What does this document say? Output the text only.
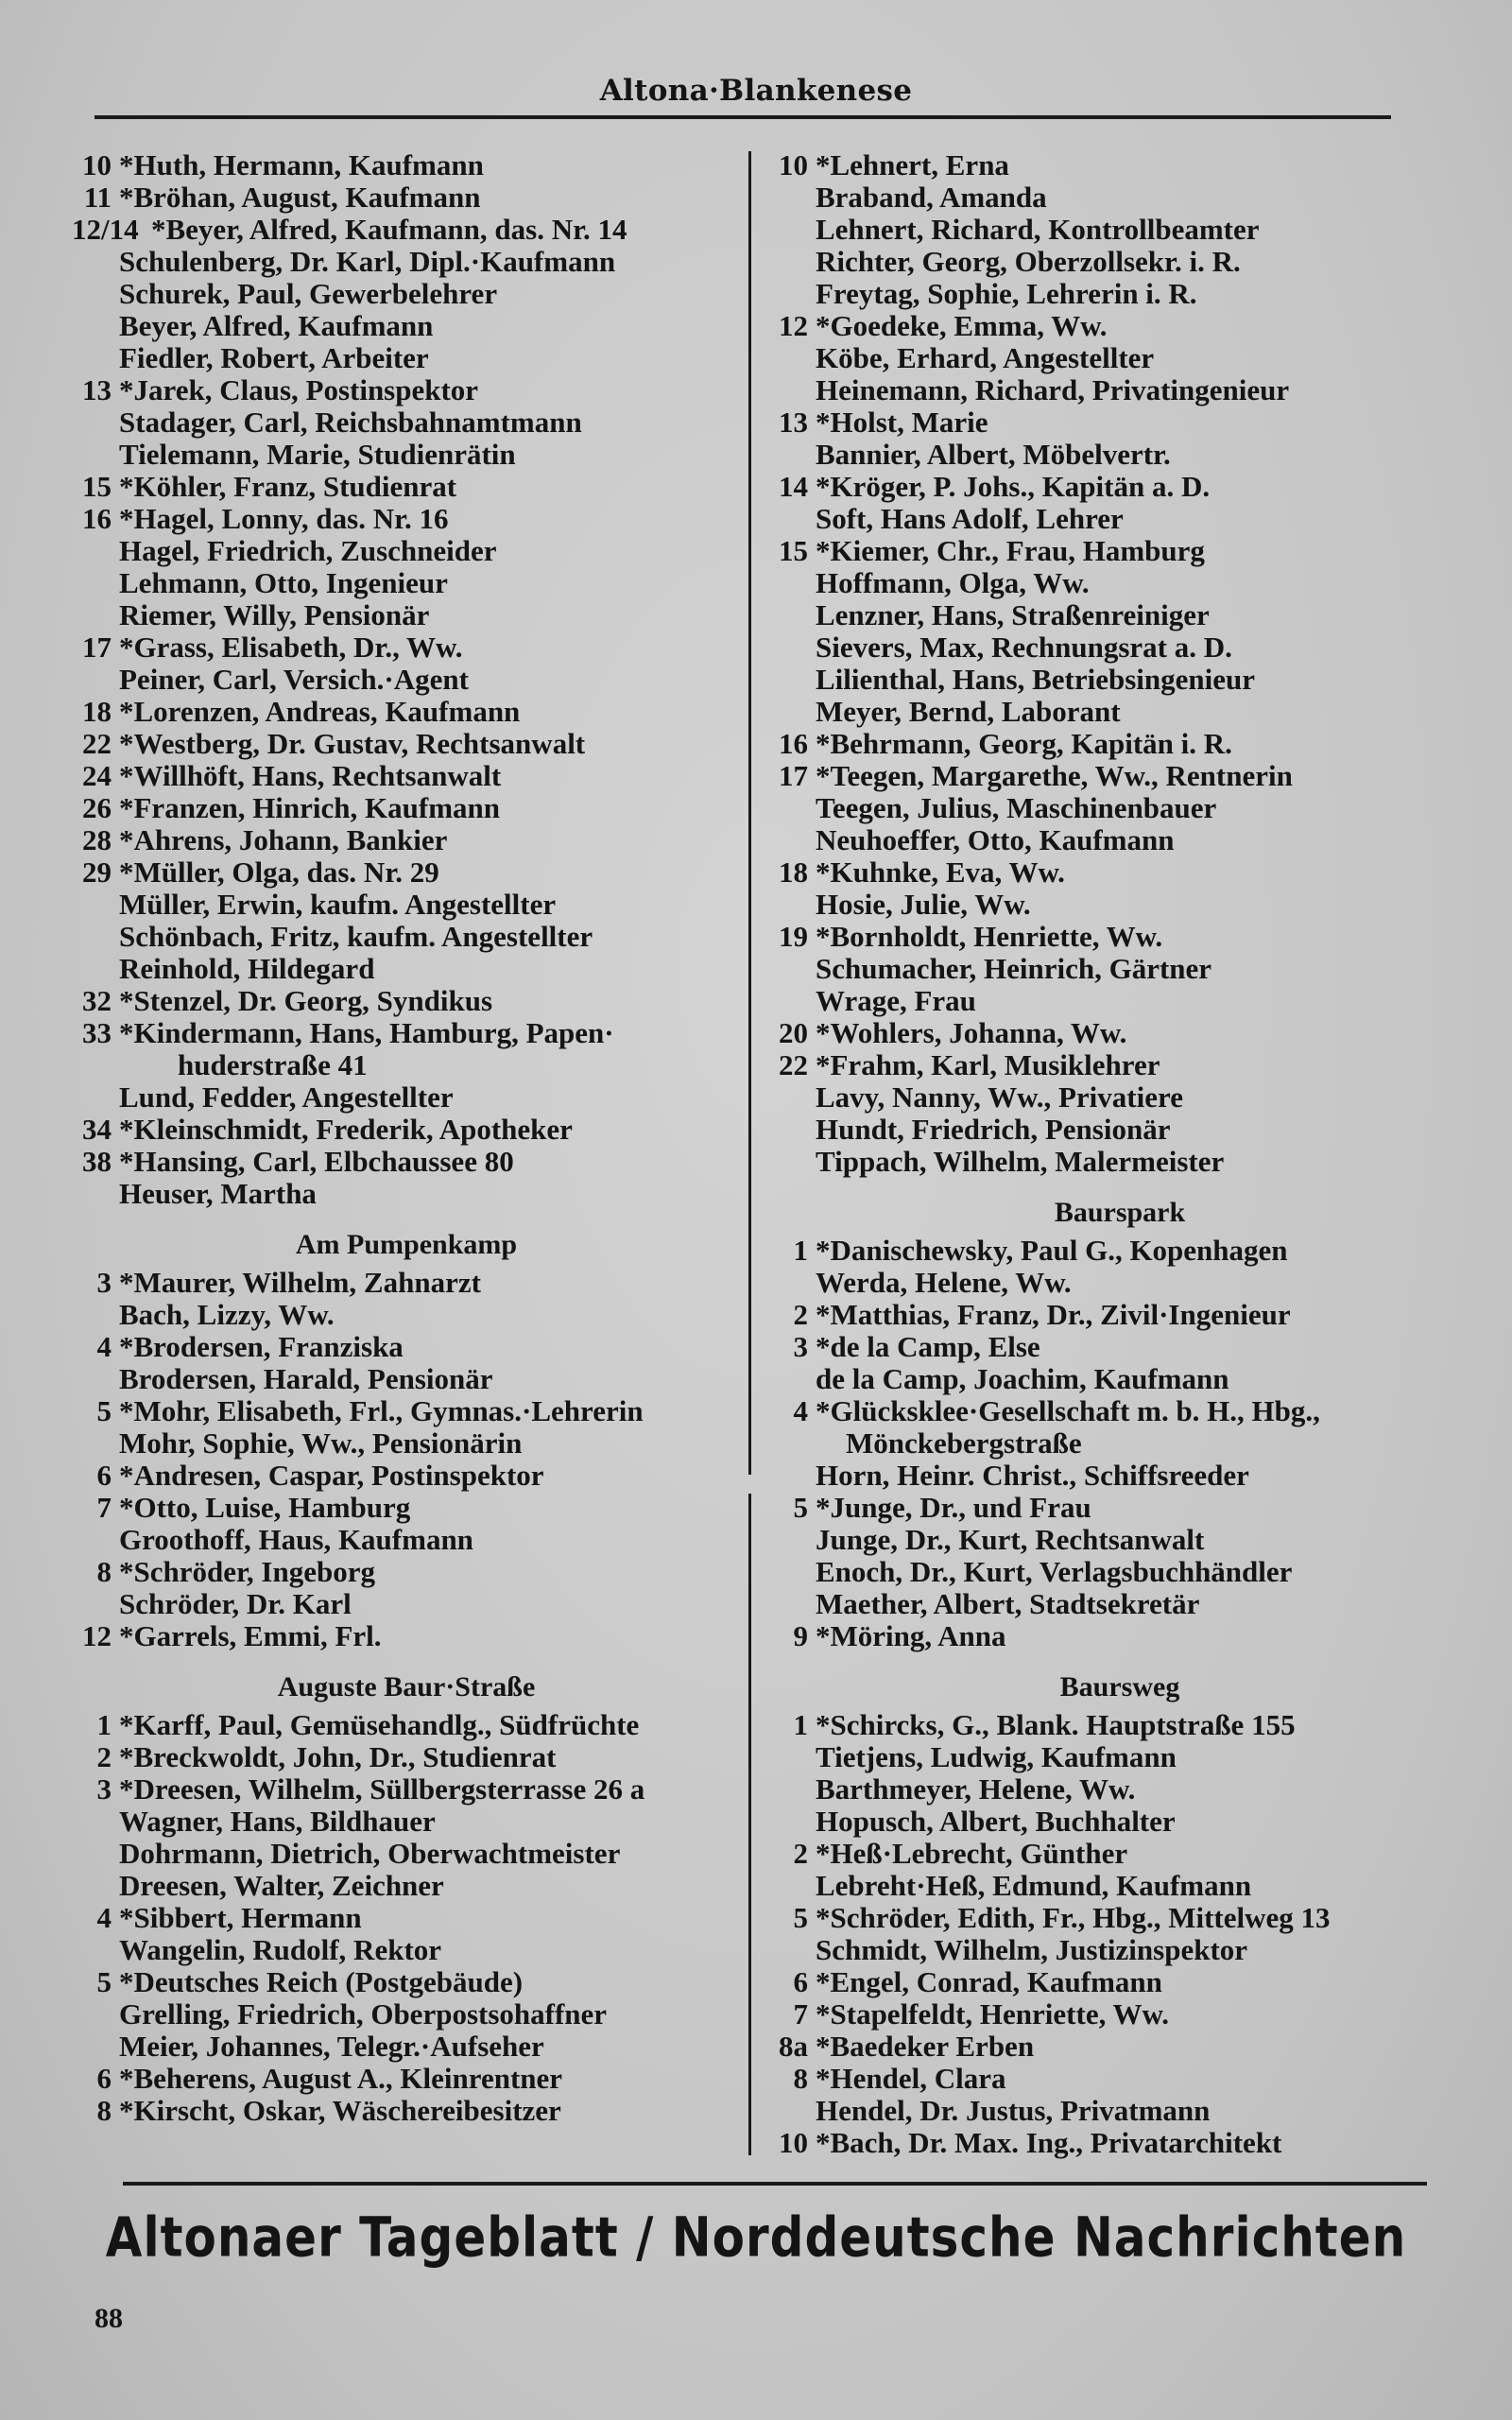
Altona·Blankenese
10 *Huth, Hermann, Kaufmann
11 *Bröhan, August, Kaufmann
12/14 *Beyer, Alfred, Kaufmann, das. Nr. 14
Schulenberg, Dr. Karl, Dipl.·Kaufmann
Schurek, Paul, Gewerbelehrer
Beyer, Alfred, Kaufmann
Fiedler, Robert, Arbeiter
13 *Jarek, Claus, Postinspektor
Stadager, Carl, Reichsbahnamtmann
Tielemann, Marie, Studienrätin
15 *Köhler, Franz, Studienrat
16 *Hagel, Lonny, das. Nr. 16
Hagel, Friedrich, Zuschneider
Lehmann, Otto, Ingenieur
Riemer, Willy, Pensionär
17 *Grass, Elisabeth, Dr., Ww.
Peiner, Carl, Versich.·Agent
18 *Lorenzen, Andreas, Kaufmann
22 *Westberg, Dr. Gustav, Rechtsanwalt
24 *Willhöft, Hans, Rechtsanwalt
26 *Franzen, Hinrich, Kaufmann
28 *Ahrens, Johann, Bankier
29 *Müller, Olga, das. Nr. 29
Müller, Erwin, kaufm. Angestellter
Schönbach, Fritz, kaufm. Angestellter
Reinhold, Hildegard
32 *Stenzel, Dr. Georg, Syndikus
33 *Kindermann, Hans, Hamburg, Papen·
huderstraße 41
Lund, Fedder, Angestellter
34 *Kleinschmidt, Frederik, Apotheker
38 *Hansing, Carl, Elbchaussee 80
Heuser, Martha
Am Pumpenkamp
3 *Maurer, Wilhelm, Zahnarzt
Bach, Lizzy, Ww.
4 *Brodersen, Franziska
Brodersen, Harald, Pensionär
5 *Mohr, Elisabeth, Frl., Gymnas.·Lehrerin
Mohr, Sophie, Ww., Pensionärin
6 *Andresen, Caspar, Postinspektor
7 *Otto, Luise, Hamburg
Groothoff, Haus, Kaufmann
8 *Schröder, Ingeborg
Schröder, Dr. Karl
12 *Garrels, Emmi, Frl.
Auguste Baur·Straße
1 *Karff, Paul, Gemüsehandlg., Südfrüchte
2 *Breckwoldt, John, Dr., Studienrat
3 *Dreesen, Wilhelm, Süllbergsterrasse 26 a
Wagner, Hans, Bildhauer
Dohrmann, Dietrich, Oberwachtmeister
Dreesen, Walter, Zeichner
4 *Sibbert, Hermann
Wangelin, Rudolf, Rektor
5 *Deutsches Reich (Postgebäude)
Grelling, Friedrich, Oberpostsohaffner
Meier, Johannes, Telegr.·Aufseher
6 *Beherens, August A., Kleinrentner
8 *Kirscht, Oskar, Wäschereibesitzer
10 *Lehnert, Erna
Braband, Amanda
Lehnert, Richard, Kontrollbeamter
Richter, Georg, Oberzollsekr. i. R.
Freytag, Sophie, Lehrerin i. R.
12 *Goedeke, Emma, Ww.
Köbe, Erhard, Angestellter
Heinemann, Richard, Privatingenieur
13 *Holst, Marie
Bannier, Albert, Möbelvertr.
14 *Kröger, P. Johs., Kapitän a. D.
Soft, Hans Adolf, Lehrer
15 *Kiemer, Chr., Frau, Hamburg
Hoffmann, Olga, Ww.
Lenzner, Hans, Straßenreiniger
Sievers, Max, Rechnungsrat a. D.
Lilienthal, Hans, Betriebsingenieur
Meyer, Bernd, Laborant
16 *Behrmann, Georg, Kapitän i. R.
17 *Teegen, Margarethe, Ww., Rentnerin
Teegen, Julius, Maschinenbauer
Neuhoeffer, Otto, Kaufmann
18 *Kuhnke, Eva, Ww.
Hosie, Julie, Ww.
19 *Bornholdt, Henriette, Ww.
Schumacher, Heinrich, Gärtner
Wrage, Frau
20 *Wohlers, Johanna, Ww.
22 *Frahm, Karl, Musiklehrer
Lavy, Nanny, Ww., Privatiere
Hundt, Friedrich, Pensionär
Tippach, Wilhelm, Malermeister
Baurspark
1 *Danischewsky, Paul G., Kopenhagen
Werda, Helene, Ww.
2 *Matthias, Franz, Dr., Zivil·Ingenieur
3 *de la Camp, Else
de la Camp, Joachim, Kaufmann
4 *Glücksklee·Gesellschaft m. b. H., Hbg.,
Mönckebergstraße
Horn, Heinr. Christ., Schiffsreeder
5 *Junge, Dr., und Frau
Junge, Dr., Kurt, Rechtsanwalt
Enoch, Dr., Kurt, Verlagsbuchhändler
Maether, Albert, Stadtsekretär
9 *Möring, Anna
Baursweg
1 *Schircks, G., Blank. Hauptstraße 155
Tietjens, Ludwig, Kaufmann
Barthmeyer, Helene, Ww.
Hopusch, Albert, Buchhalter
2 *Heß·Lebrecht, Günther
Lebreht·Heß, Edmund, Kaufmann
5 *Schröder, Edith, Fr., Hbg., Mittelweg 13
Schmidt, Wilhelm, Justizinspektor
6 *Engel, Conrad, Kaufmann
7 *Stapelfeldt, Henriette, Ww.
8a *Baedeker Erben
8 *Hendel, Clara
Hendel, Dr. Justus, Privatmann
10 *Bach, Dr. Max. Ing., Privatarchitekt
Altonaer Tageblatt / Norddeutsche Nachrichten
88
